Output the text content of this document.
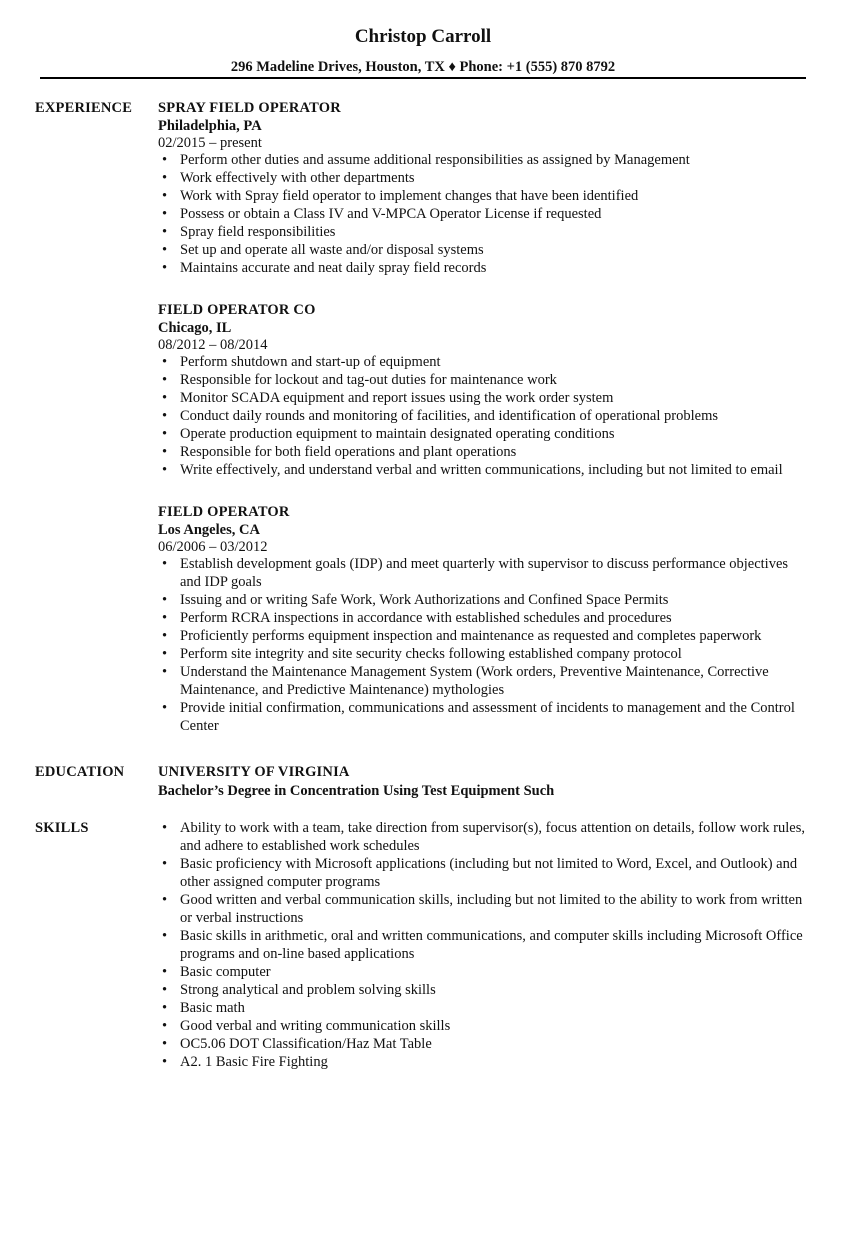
Christop Carroll
296 Madeline Drives, Houston, TX ♦ Phone: +1 (555) 870 8792
EXPERIENCE SPRAY FIELD OPERATOR
Philadelphia, PA
02/2015 – present
• Perform other duties and assume additional responsibilities as assigned by Management
• Work effectively with other departments
• Work with Spray field operator to implement changes that have been identified
• Possess or obtain a Class IV and V-MPCA Operator License if requested
• Spray field responsibilities
• Set up and operate all waste and/or disposal systems
• Maintains accurate and neat daily spray field records
FIELD OPERATOR CO
Chicago, IL
08/2012 – 08/2014
• Perform shutdown and start-up of equipment
• Responsible for lockout and tag-out duties for maintenance work
• Monitor SCADA equipment and report issues using the work order system
• Conduct daily rounds and monitoring of facilities, and identification of operational problems
• Operate production equipment to maintain designated operating conditions
• Responsible for both field operations and plant operations
• Write effectively, and understand verbal and written communications, including but not limited to email
FIELD OPERATOR
Los Angeles, CA
06/2006 – 03/2012
• Establish development goals (IDP) and meet quarterly with supervisor to discuss performance objectives and IDP goals
• Issuing and or writing Safe Work, Work Authorizations and Confined Space Permits
• Perform RCRA inspections in accordance with established schedules and procedures
• Proficiently performs equipment inspection and maintenance as requested and completes paperwork
• Perform site integrity and site security checks following established company protocol
• Understand the Maintenance Management System (Work orders, Preventive Maintenance, Corrective Maintenance, and Predictive Maintenance) mythologies
• Provide initial confirmation, communications and assessment of incidents to management and the Control Center
EDUCATION UNIVERSITY OF VIRGINIA
Bachelor’s Degree in Concentration Using Test Equipment Such
SKILLS
•	Ability to work with a team, take direction from supervisor(s), focus attention on details, follow work rules, and adhere to established work schedules
• Basic proficiency with Microsoft applications (including but not limited to Word, Excel, and Outlook) and other assigned computer programs
• Good written and verbal communication skills, including but not limited to the ability to work from written or verbal instructions
• Basic skills in arithmetic, oral and written communications, and computer skills including Microsoft Office programs and on-line based applications
• Basic computer
• Strong analytical and problem solving skills
• Basic math
• Good verbal and writing communication skills
• OC5.06 DOT Classification/Haz Mat Table
• A2. 1 Basic Fire Fighting
